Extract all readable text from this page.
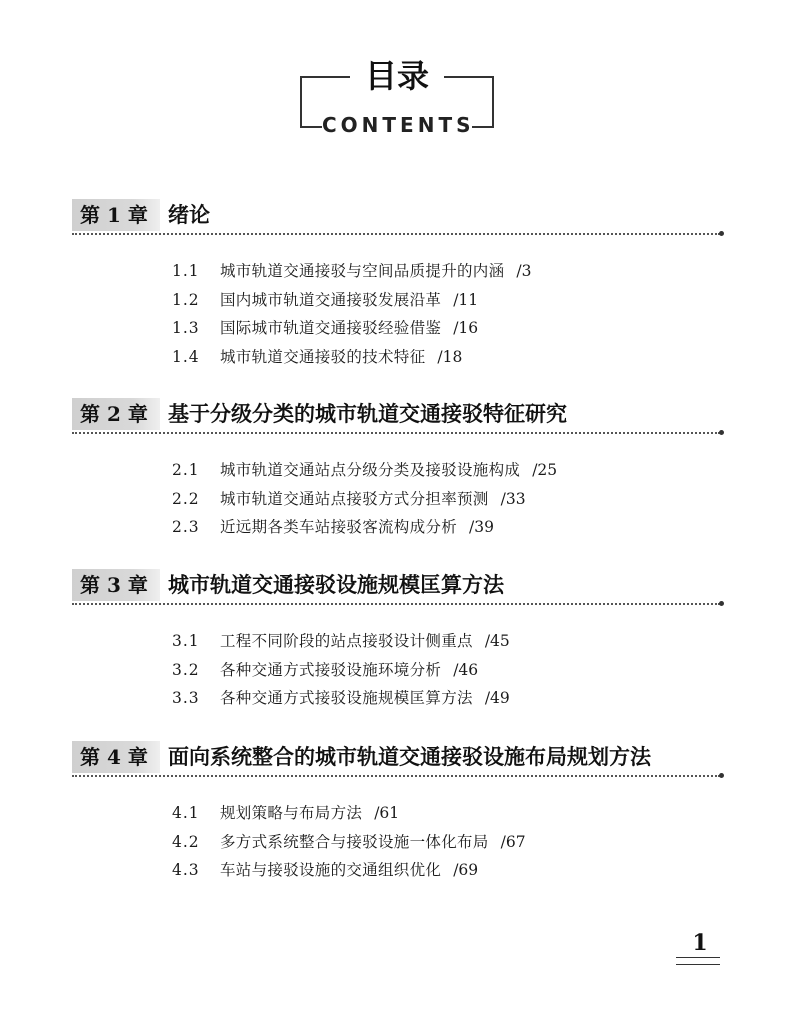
目录
CONTENTS
第 1 章 绪论
1.1 城市轨道交通接驳与空间品质提升的内涵 /3
1.2 国内城市轨道交通接驳发展沿革 /11
1.3 国际城市轨道交通接驳经验借鉴 /16
1.4 城市轨道交通接驳的技术特征 /18
第 2 章 基于分级分类的城市轨道交通接驳特征研究
2.1 城市轨道交通站点分级分类及接驳设施构成 /25
2.2 城市轨道交通站点接驳方式分担率预测 /33
2.3 近远期各类车站接驳客流构成分析 /39
第 3 章 城市轨道交通接驳设施规模匡算方法
3.1 工程不同阶段的站点接驳设计侧重点 /45
3.2 各种交通方式接驳设施环境分析 /46
3.3 各种交通方式接驳设施规模匡算方法 /49
第 4 章 面向系统整合的城市轨道交通接驳设施布局规划方法
4.1 规划策略与布局方法 /61
4.2 多方式系统整合与接驳设施一体化布局 /67
4.3 车站与接驳设施的交通组织优化 /69
1
